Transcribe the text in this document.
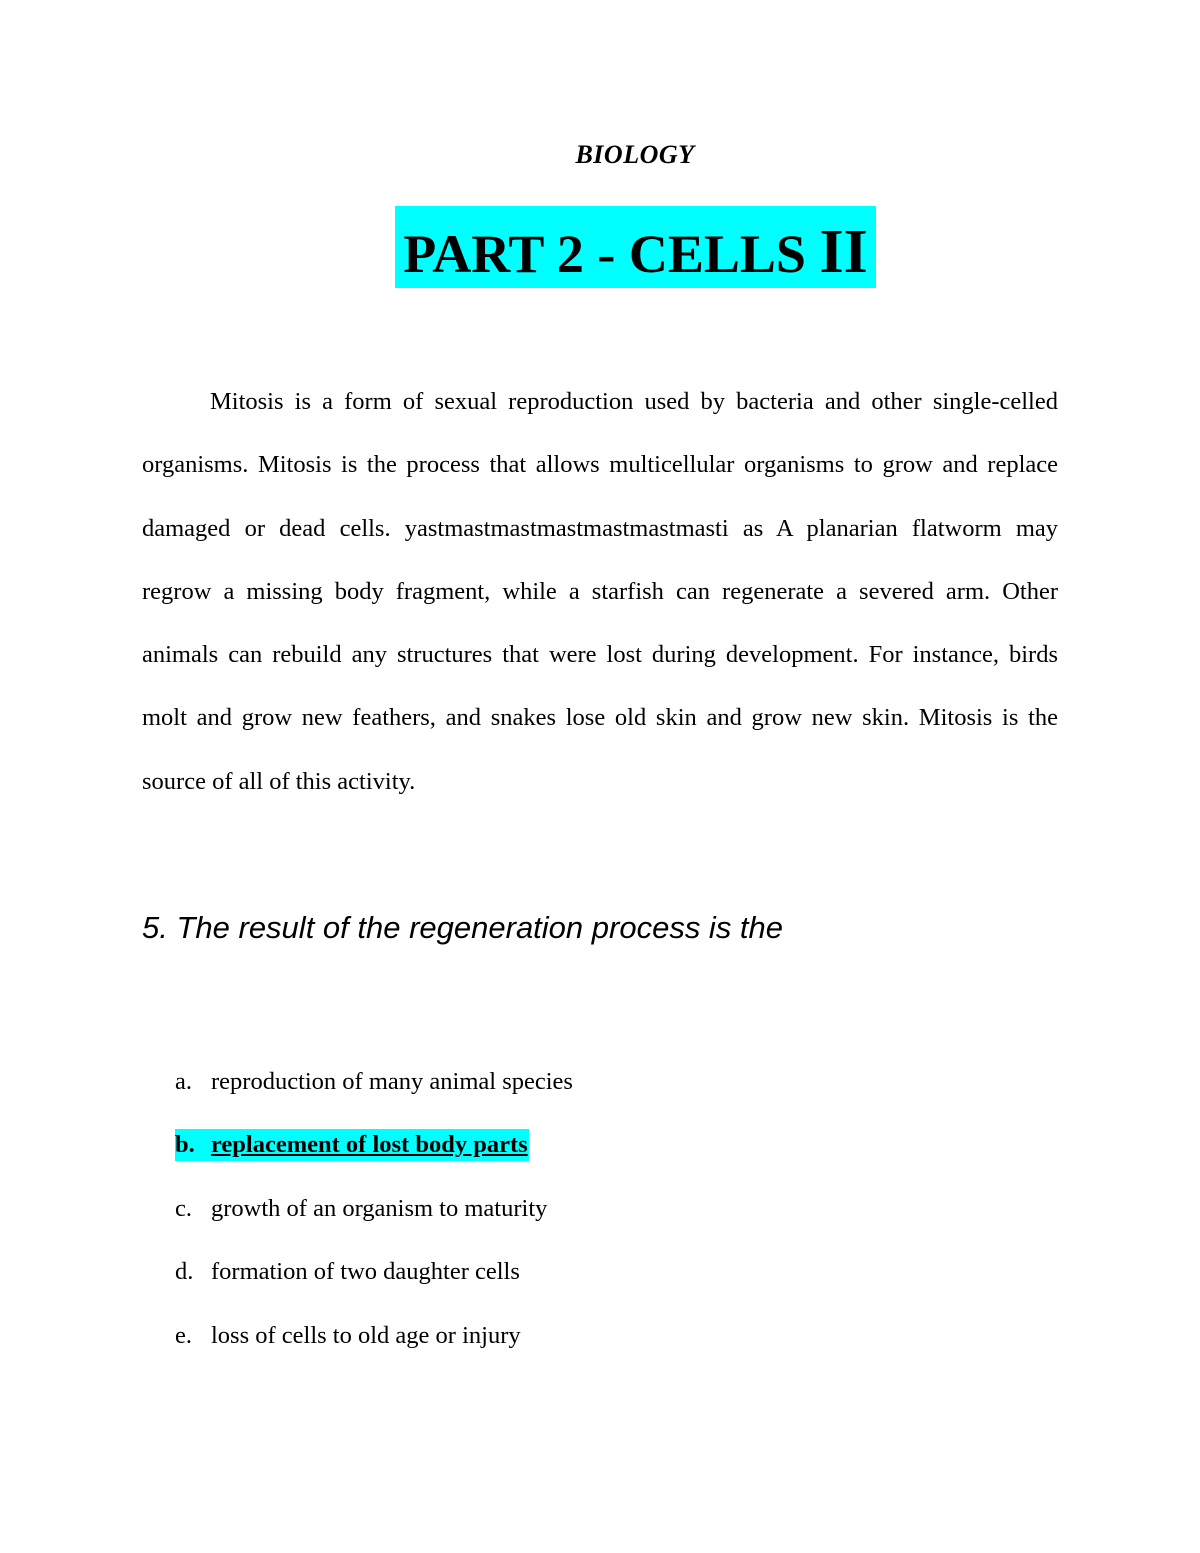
BIOLOGY
PART 2 - CELLS II

Mitosis is a form of sexual reproduction used by bacteria and other single-celled organisms. Mitosis is the process that allows multicellular organisms to grow and replace damaged or dead cells. yastmastmastmastmastmastmasti as A planarian flatworm may regrow a missing body fragment, while a starfish can regenerate a severed arm. Other animals can rebuild any structures that were lost during development. For instance, birds molt and grow new feathers, and snakes lose old skin and grow new skin. Mitosis is the source of all of this activity.

5. The result of the regeneration process is the
a. reproduction of many animal species
b. replacement of lost body parts
c. growth of an organism to maturity
d. formation of two daughter cells
e. loss of cells to old age or injury
